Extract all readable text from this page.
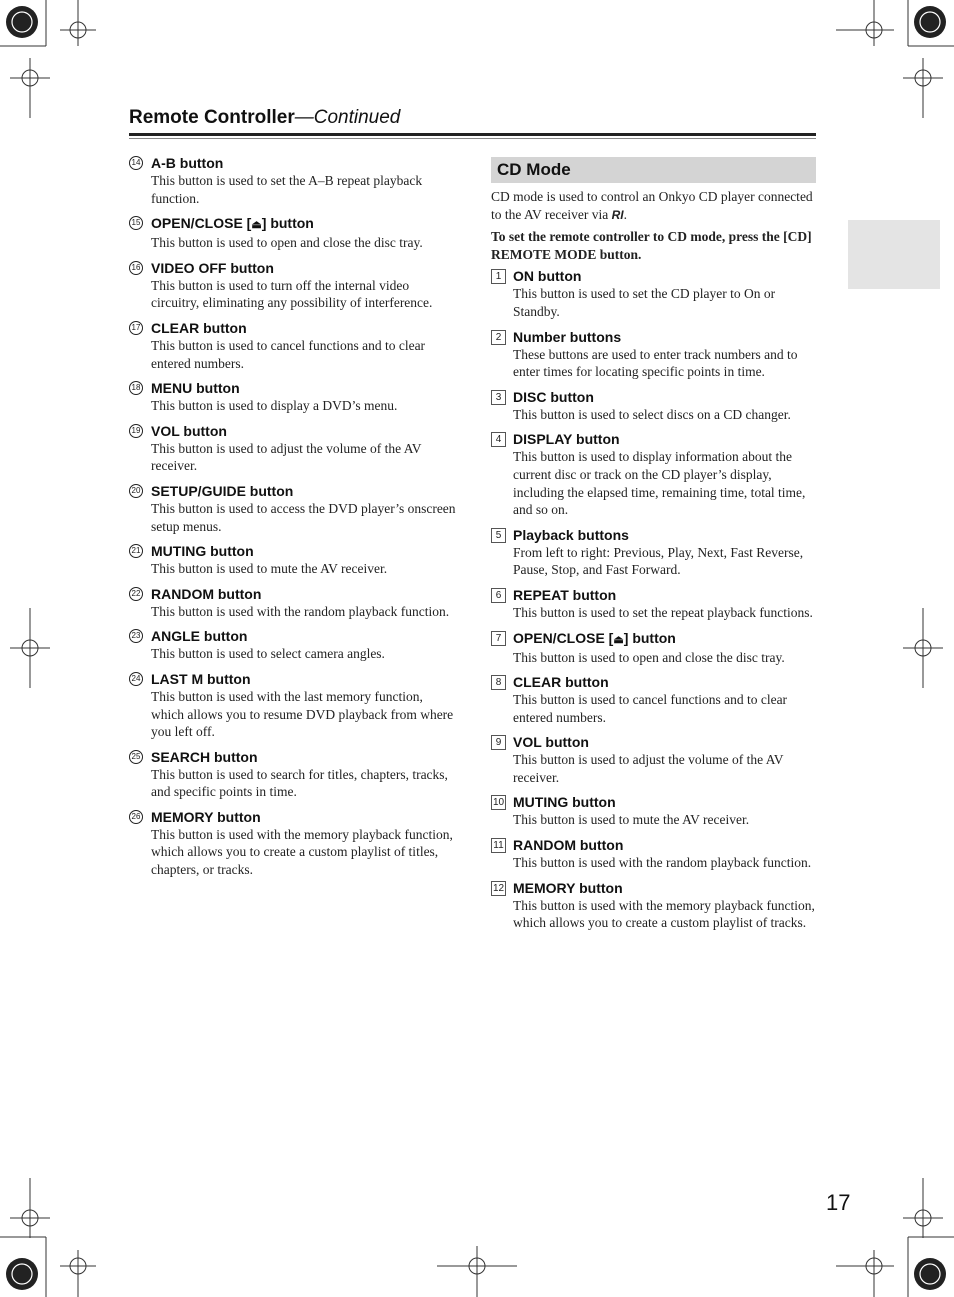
Remote Controller—Continued
14 A-B button
This button is used to set the A–B repeat playback function.
15 OPEN/CLOSE [⏏] button
This button is used to open and close the disc tray.
16 VIDEO OFF button
This button is used to turn off the internal video circuitry, eliminating any possibility of interference.
17 CLEAR button
This button is used to cancel functions and to clear entered numbers.
18 MENU button
This button is used to display a DVD’s menu.
19 VOL button
This button is used to adjust the volume of the AV receiver.
20 SETUP/GUIDE button
This button is used to access the DVD player’s onscreen setup menus.
21 MUTING button
This button is used to mute the AV receiver.
22 RANDOM button
This button is used with the random playback function.
23 ANGLE button
This button is used to select camera angles.
24 LAST M button
This button is used with the last memory function, which allows you to resume DVD playback from where you left off.
25 SEARCH button
This button is used to search for titles, chapters, tracks, and specific points in time.
26 MEMORY button
This button is used with the memory playback function, which allows you to create a custom playlist of titles, chapters, or tracks.
CD Mode
CD mode is used to control an Onkyo CD player connected to the AV receiver via RI.
To set the remote controller to CD mode, press the [CD] REMOTE MODE button.
1 ON button
This button is used to set the CD player to On or Standby.
2 Number buttons
These buttons are used to enter track numbers and to enter times for locating specific points in time.
3 DISC button
This button is used to select discs on a CD changer.
4 DISPLAY button
This button is used to display information about the current disc or track on the CD player’s display, including the elapsed time, remaining time, total time, and so on.
5 Playback buttons
From left to right: Previous, Play, Next, Fast Reverse, Pause, Stop, and Fast Forward.
6 REPEAT button
This button is used to set the repeat playback functions.
7 OPEN/CLOSE [⏏] button
This button is used to open and close the disc tray.
8 CLEAR button
This button is used to cancel functions and to clear entered numbers.
9 VOL button
This button is used to adjust the volume of the AV receiver.
10 MUTING button
This button is used to mute the AV receiver.
11 RANDOM button
This button is used with the random playback function.
12 MEMORY button
This button is used with the memory playback function, which allows you to create a custom playlist of tracks.
17
